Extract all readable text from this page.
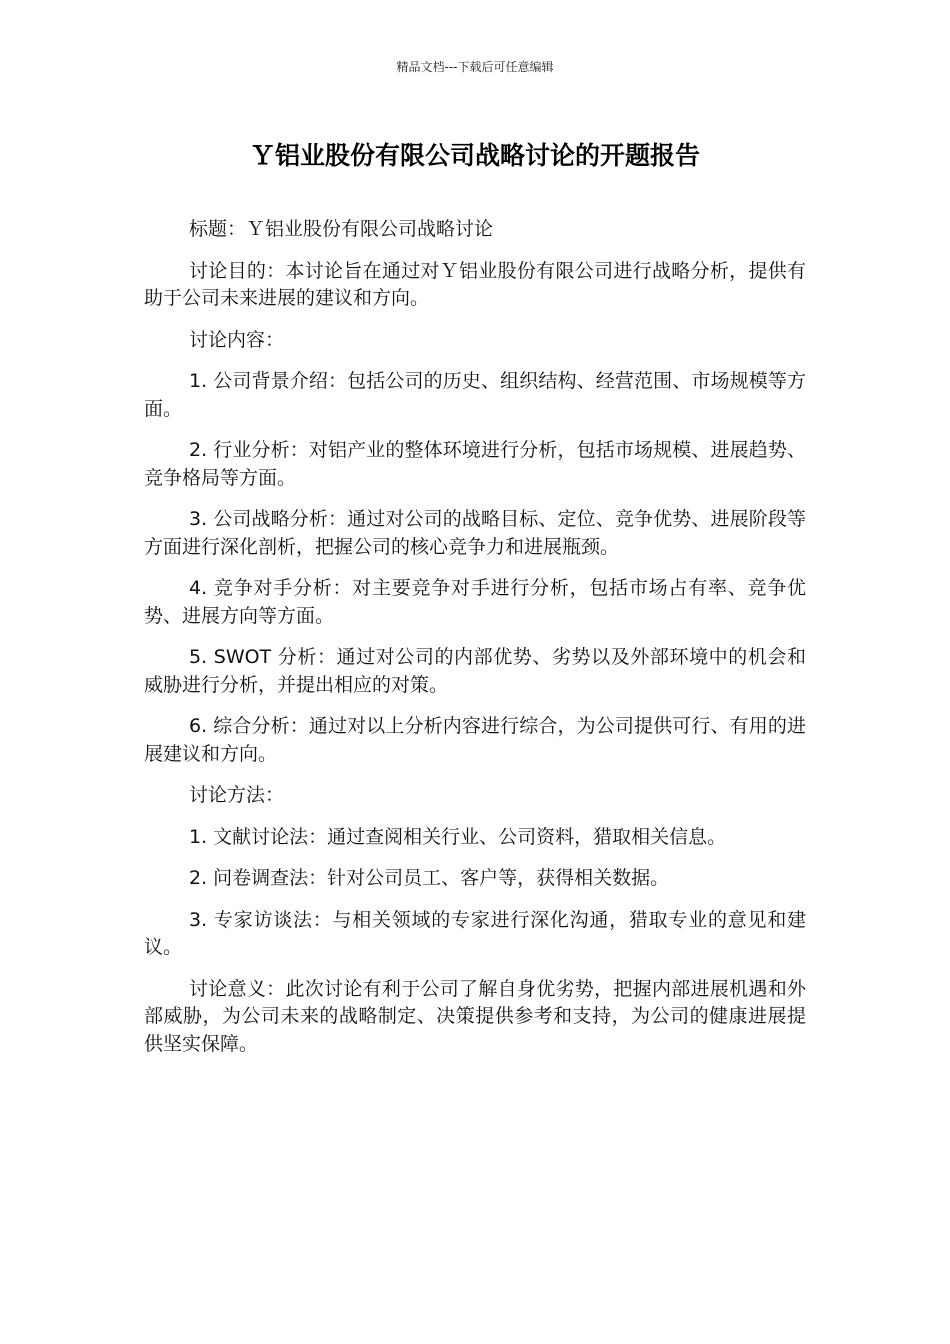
精品文档---下载后可任意编辑
Ｙ铝业股份有限公司战略讨论的开题报告

标题：Ｙ铝业股份有限公司战略讨论

讨论目的：本讨论旨在通过对Ｙ铝业股份有限公司进行战略分析，提供有助于公司未来进展的建议和方向。

讨论内容：

1. 公司背景介绍：包括公司的历史、组织结构、经营范围、市场规模等方面。

2. 行业分析：对铝产业的整体环境进行分析，包括市场规模、进展趋势、竞争格局等方面。

3. 公司战略分析：通过对公司的战略目标、定位、竞争优势、进展阶段等方面进行深化剖析，把握公司的核心竞争力和进展瓶颈。

4. 竞争对手分析：对主要竞争对手进行分析，包括市场占有率、竞争优势、进展方向等方面。

5. SWOT 分析：通过对公司的内部优势、劣势以及外部环境中的机会和威胁进行分析，并提出相应的对策。

6. 综合分析：通过对以上分析内容进行综合，为公司提供可行、有用的进展建议和方向。

讨论方法：

1. 文献讨论法：通过查阅相关行业、公司资料，猎取相关信息。

2. 问卷调查法：针对公司员工、客户等，获得相关数据。

3. 专家访谈法：与相关领域的专家进行深化沟通，猎取专业的意见和建议。

讨论意义：此次讨论有利于公司了解自身优劣势，把握内部进展机遇和外部威胁，为公司未来的战略制定、决策提供参考和支持，为公司的健康进展提供坚实保障。
